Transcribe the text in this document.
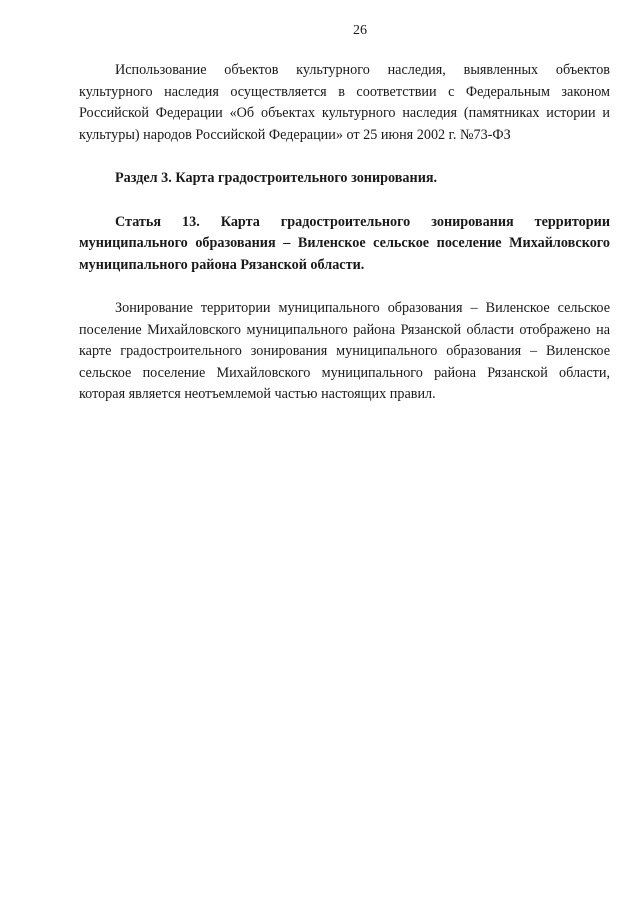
26

Использование объектов культурного наследия, выявленных объектов культурного наследия осуществляется в соответствии с Федеральным законом Российской Федерации «Об объектах культурного наследия (памятниках истории и культуры) народов Российской Федерации» от 25 июня 2002 г. №73-ФЗ

Раздел 3. Карта градостроительного зонирования.

Статья 13. Карта градостроительного зонирования территории муниципального образования – Виленское сельское поселение Михайловского муниципального района Рязанской области.

Зонирование территории муниципального образования – Виленское сельское поселение Михайловского муниципального района Рязанской области отображено на карте градостроительного зонирования муниципального образования – Виленское сельское поселение Михайловского муниципального района Рязанской области, которая является неотъемлемой частью настоящих правил.
